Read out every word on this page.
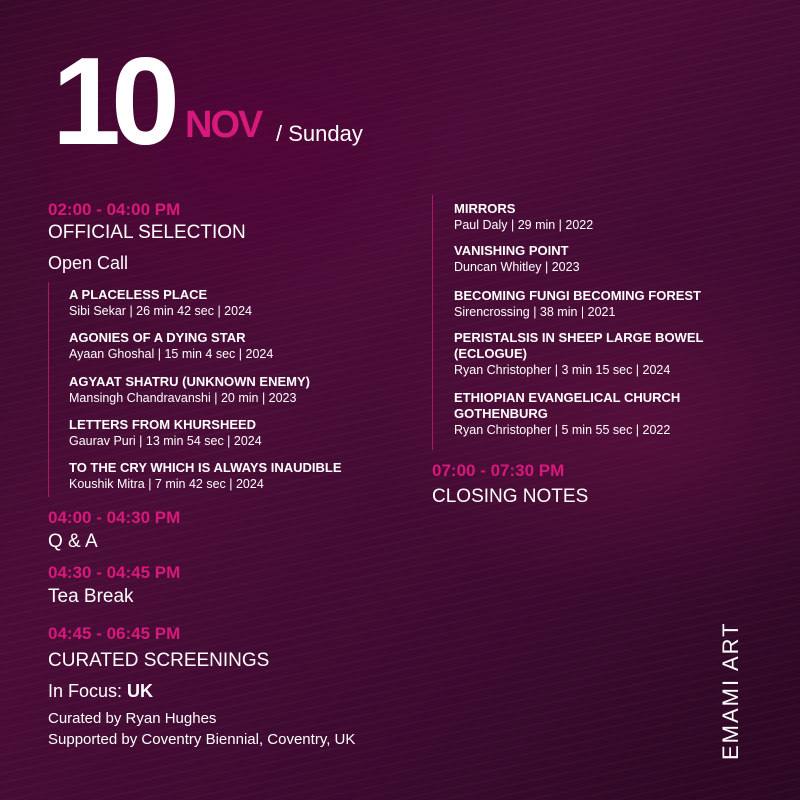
10 NOV / Sunday
02:00 - 04:00 PM
OFFICIAL SELECTION
Open Call
A PLACELESS PLACE
Sibi Sekar | 26 min 42 sec | 2024
AGONIES OF A DYING STAR
Ayaan Ghoshal | 15 min 4 sec | 2024
AGYAAT SHATRU (UNKNOWN ENEMY)
Mansingh Chandravanshi | 20 min | 2023
LETTERS FROM KHURSHEED
Gaurav Puri | 13 min 54 sec | 2024
TO THE CRY WHICH IS ALWAYS INAUDIBLE
Koushik Mitra | 7 min 42 sec | 2024
04:00 - 04:30 PM
Q & A
04:30 - 04:45 PM
Tea Break
04:45 - 06:45 PM
CURATED SCREENINGS
In Focus: UK
Curated by Ryan Hughes
Supported by Coventry Biennial, Coventry, UK
MIRRORS
Paul Daly | 29 min | 2022
VANISHING POINT
Duncan Whitley | 2023
BECOMING FUNGI BECOMING FOREST
Sirencrossing | 38 min | 2021
PERISTALSIS IN SHEEP LARGE BOWEL
(ECLOGUE)
Ryan Christopher | 3 min 15 sec | 2024
ETHIOPIAN EVANGELICAL CHURCH
GOTHENBURG
Ryan Christopher | 5 min 55 sec | 2022
07:00 - 07:30 PM
CLOSING NOTES
EMAMI ART
